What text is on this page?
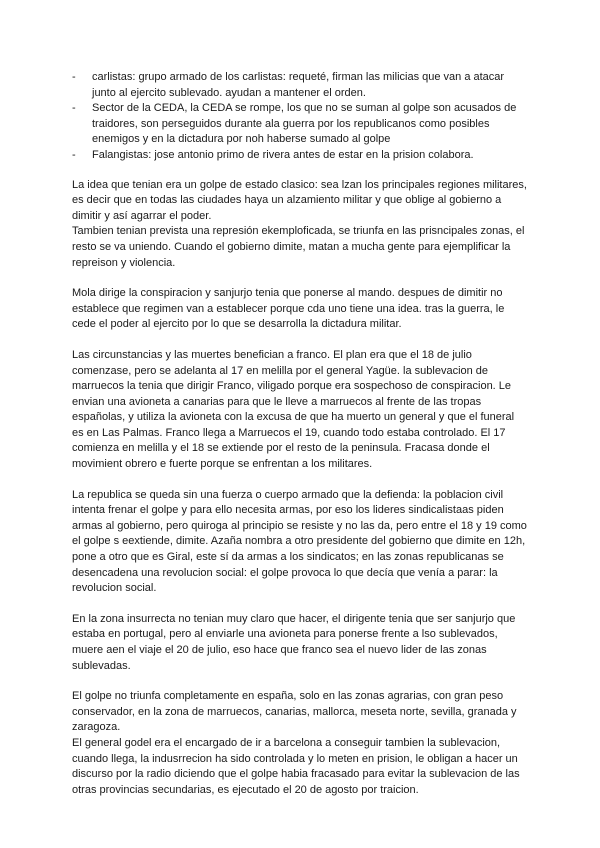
- carlistas: grupo armado de los carlistas: requeté, firman las milicias que van a atacar junto al ejercito sublevado. ayudan a mantener el orden.
- Sector de la CEDA, la CEDA se rompe, los que no se suman al golpe son acusados de traidores, son perseguidos durante ala guerra por los republicanos como posibles enemigos y en la dictadura por noh haberse sumado al golpe
- Falangistas: jose antonio primo de rivera antes de estar en la prision colabora.

La idea que tenian era un golpe de estado clasico: sea lzan los principales regiones militares, es decir que en todas las ciudades haya un alzamiento militar y que oblige al gobierno a dimitir y así agarrar el poder.

Tambien tenian prevista una represión ekemploficada, se triunfa en las prisncipales zonas, el resto se va uniendo. Cuando el gobierno dimite, matan a mucha gente para ejemplificar la repreison y violencia.

Mola dirige la conspiracion y sanjurjo tenia que ponerse al mando. despues de dimitir no establece que regimen van a establecer porque cda uno tiene una idea. tras la guerra, le cede el poder al ejercito por lo que se desarrolla la dictadura militar.

Las circunstancias y las muertes benefician a franco. El plan era que el 18 de julio comenzase, pero se adelanta al 17 en melilla por el general Yagüe. la sublevacion de marruecos la tenia que dirigir Franco, viligado porque era sospechoso de conspiracion. Le envian una avioneta a canarias para que le lleve a marruecos al frente de las tropas españolas, y utiliza la avioneta con la excusa de que ha muerto un general y que el funeral es en Las Palmas. Franco llega a Marruecos el 19, cuando todo estaba controlado. El 17 comienza en melilla y el 18 se extiende por el resto de la peninsula. Fracasa donde el movimient obrero e fuerte porque se enfrentan a los militares.

La republica se queda sin una fuerza o cuerpo armado que la defienda: la poblacion civil intenta frenar el golpe y para ello necesita armas, por eso los lideres sindicalistaas piden armas al gobierno, pero quiroga al principio se resiste y no las da, pero entre el 18 y 19 como el golpe s eextiende, dimite. Azaña nombra a otro presidente del gobierno que dimite en 12h, pone a otro que es Giral, este sí da armas a los sindicatos; en las zonas republicanas se desencadena una revolucion social: el golpe provoca lo que decía que venía a parar: la revolucion social.

En la zona insurrecta no tenian muy claro que hacer, el dirigente tenia que ser sanjurjo que estaba en portugal, pero al enviarle una avioneta para ponerse frente a lso sublevados, muere aen el viaje el 20 de julio, eso hace que franco sea el nuevo lider de las zonas sublevadas.

El golpe no triunfa completamente en españa, solo en las zonas agrarias, con gran peso conservador, en la zona de marruecos, canarias, mallorca, meseta norte, sevilla, granada y zaragoza.

El general godel era el encargado de ir a barcelona a conseguir tambien la sublevacion, cuando llega, la indusrrecion ha sido controlada y lo meten en prision, le obligan a hacer un discurso por la radio diciendo que el golpe habia fracasado para evitar la sublevacion de las otras provincias secundarias, es ejecutado el 20 de agosto por traicion.
